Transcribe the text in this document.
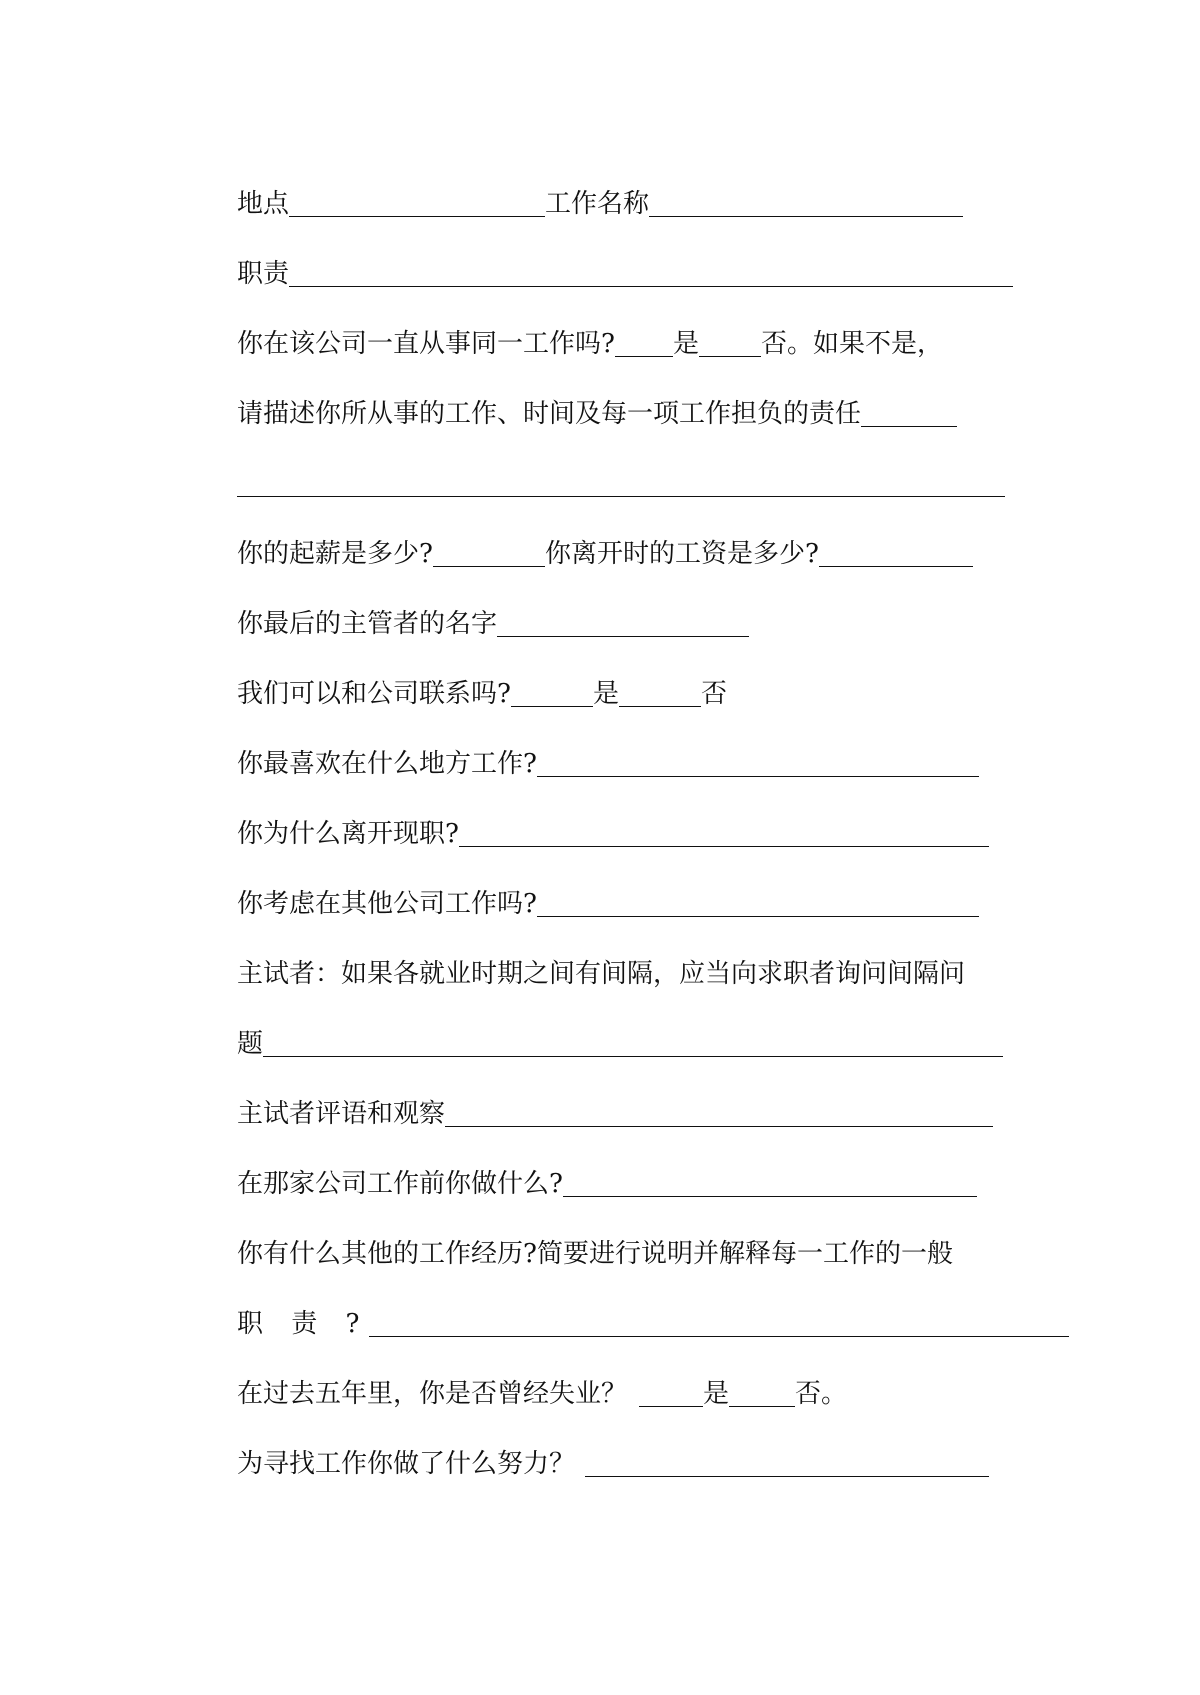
地点	工作名称
职责
你在该公司一直从事同一工作吗? 是 否。如果不是，
请描述你所从事的工作、时间及每一项工作担负的责任
你的起薪是多少?	你离开时的工资是多少?
你最后的主管者的名字
我们可以和公司联系吗?	是	否
你最喜欢在什么地方工作?
你为什么离开现职?
你考虑在其他公司工作吗?
主试者：如果各就业时期之间有间隔，应当向求职者询问间隔问
题
主试者评语和观察
在那家公司工作前你做什么?
你有什么其他的工作经历?简要进行说明并解释每一工作的一般
职 责 ?
在过去五年里，你是否曾经失业？	是	否。
为寻找工作你做了什么努力？
